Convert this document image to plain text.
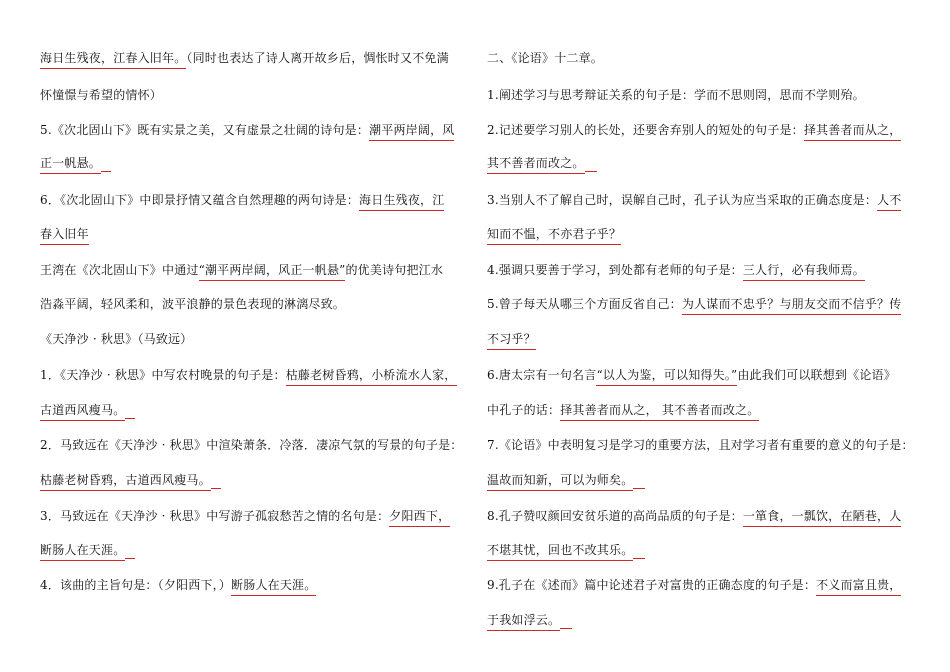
海日生残夜，江春入旧年。（同时也表达了诗人离开故乡后，惆怅时又不免满
怀憧憬与希望的情怀）
5.《次北固山下》既有实景之美，又有虚景之壮阔的诗句是：潮平两岸阔，风
正一帆悬。
6．《次北固山下》中即景抒情又蕴含自然理趣的两句诗是：海日生残夜，江
春入旧年
王湾在《次北固山下》中通过“潮平两岸阔，风正一帆悬”的优美诗句把江水
浩淼平阔，轻风柔和，波平浪静的景色表现的淋漓尽致。
《天净沙 · 秋思》（马致远）
1．《天净沙 · 秋思》中写农村晚景的句子是：枯藤老树昏鸦，小桥流水人家，
古道西风瘦马。
2．马致远在《天净沙 · 秋思》中渲染萧条．冷落．凄凉气氛的写景的句子是：
枯藤老树昏鸦，古道西风瘦马。
3．马致远在《天净沙 · 秋思》中写游子孤寂愁苦之情的名句是：夕阳西下，
断肠人在天涯。
4．该曲的主旨句是：（夕阳西下，）断肠人在天涯。
二、《论语》十二章。
1.阐述学习与思考辩证关系的句子是：学而不思则罔，思而不学则殆。
2.记述要学习别人的长处，还要舍弃别人的短处的句子是：择其善者而从之，
其不善者而改之。
3.当别人不了解自己时，误解自己时，孔子认为应当采取的正确态度是：人不
知而不愠，不亦君子乎？
4.强调只要善于学习，到处都有老师的句子是：三人行，必有我师焉。
5.曾子每天从哪三个方面反省自己：为人谋而不忠乎？与朋友交而不信乎？传
不习乎？
6.唐太宗有一句名言“以人为鉴，可以知得失。”由此我们可以联想到《论语》
中孔子的话：择其善者而从之， 其不善者而改之。
7.《论语》中表明复习是学习的重要方法，且对学习者有重要的意义的句子是：
温故而知新，可以为师矣。
8.孔子赞叹颜回安贫乐道的高尚品质的句子是：一箪食，一瓢饮，在陋巷，人
不堪其忧，回也不改其乐。
9.孔子在《述而》篇中论述君子对富贵的正确态度的句子是：不义而富且贵，
于我如浮云。
